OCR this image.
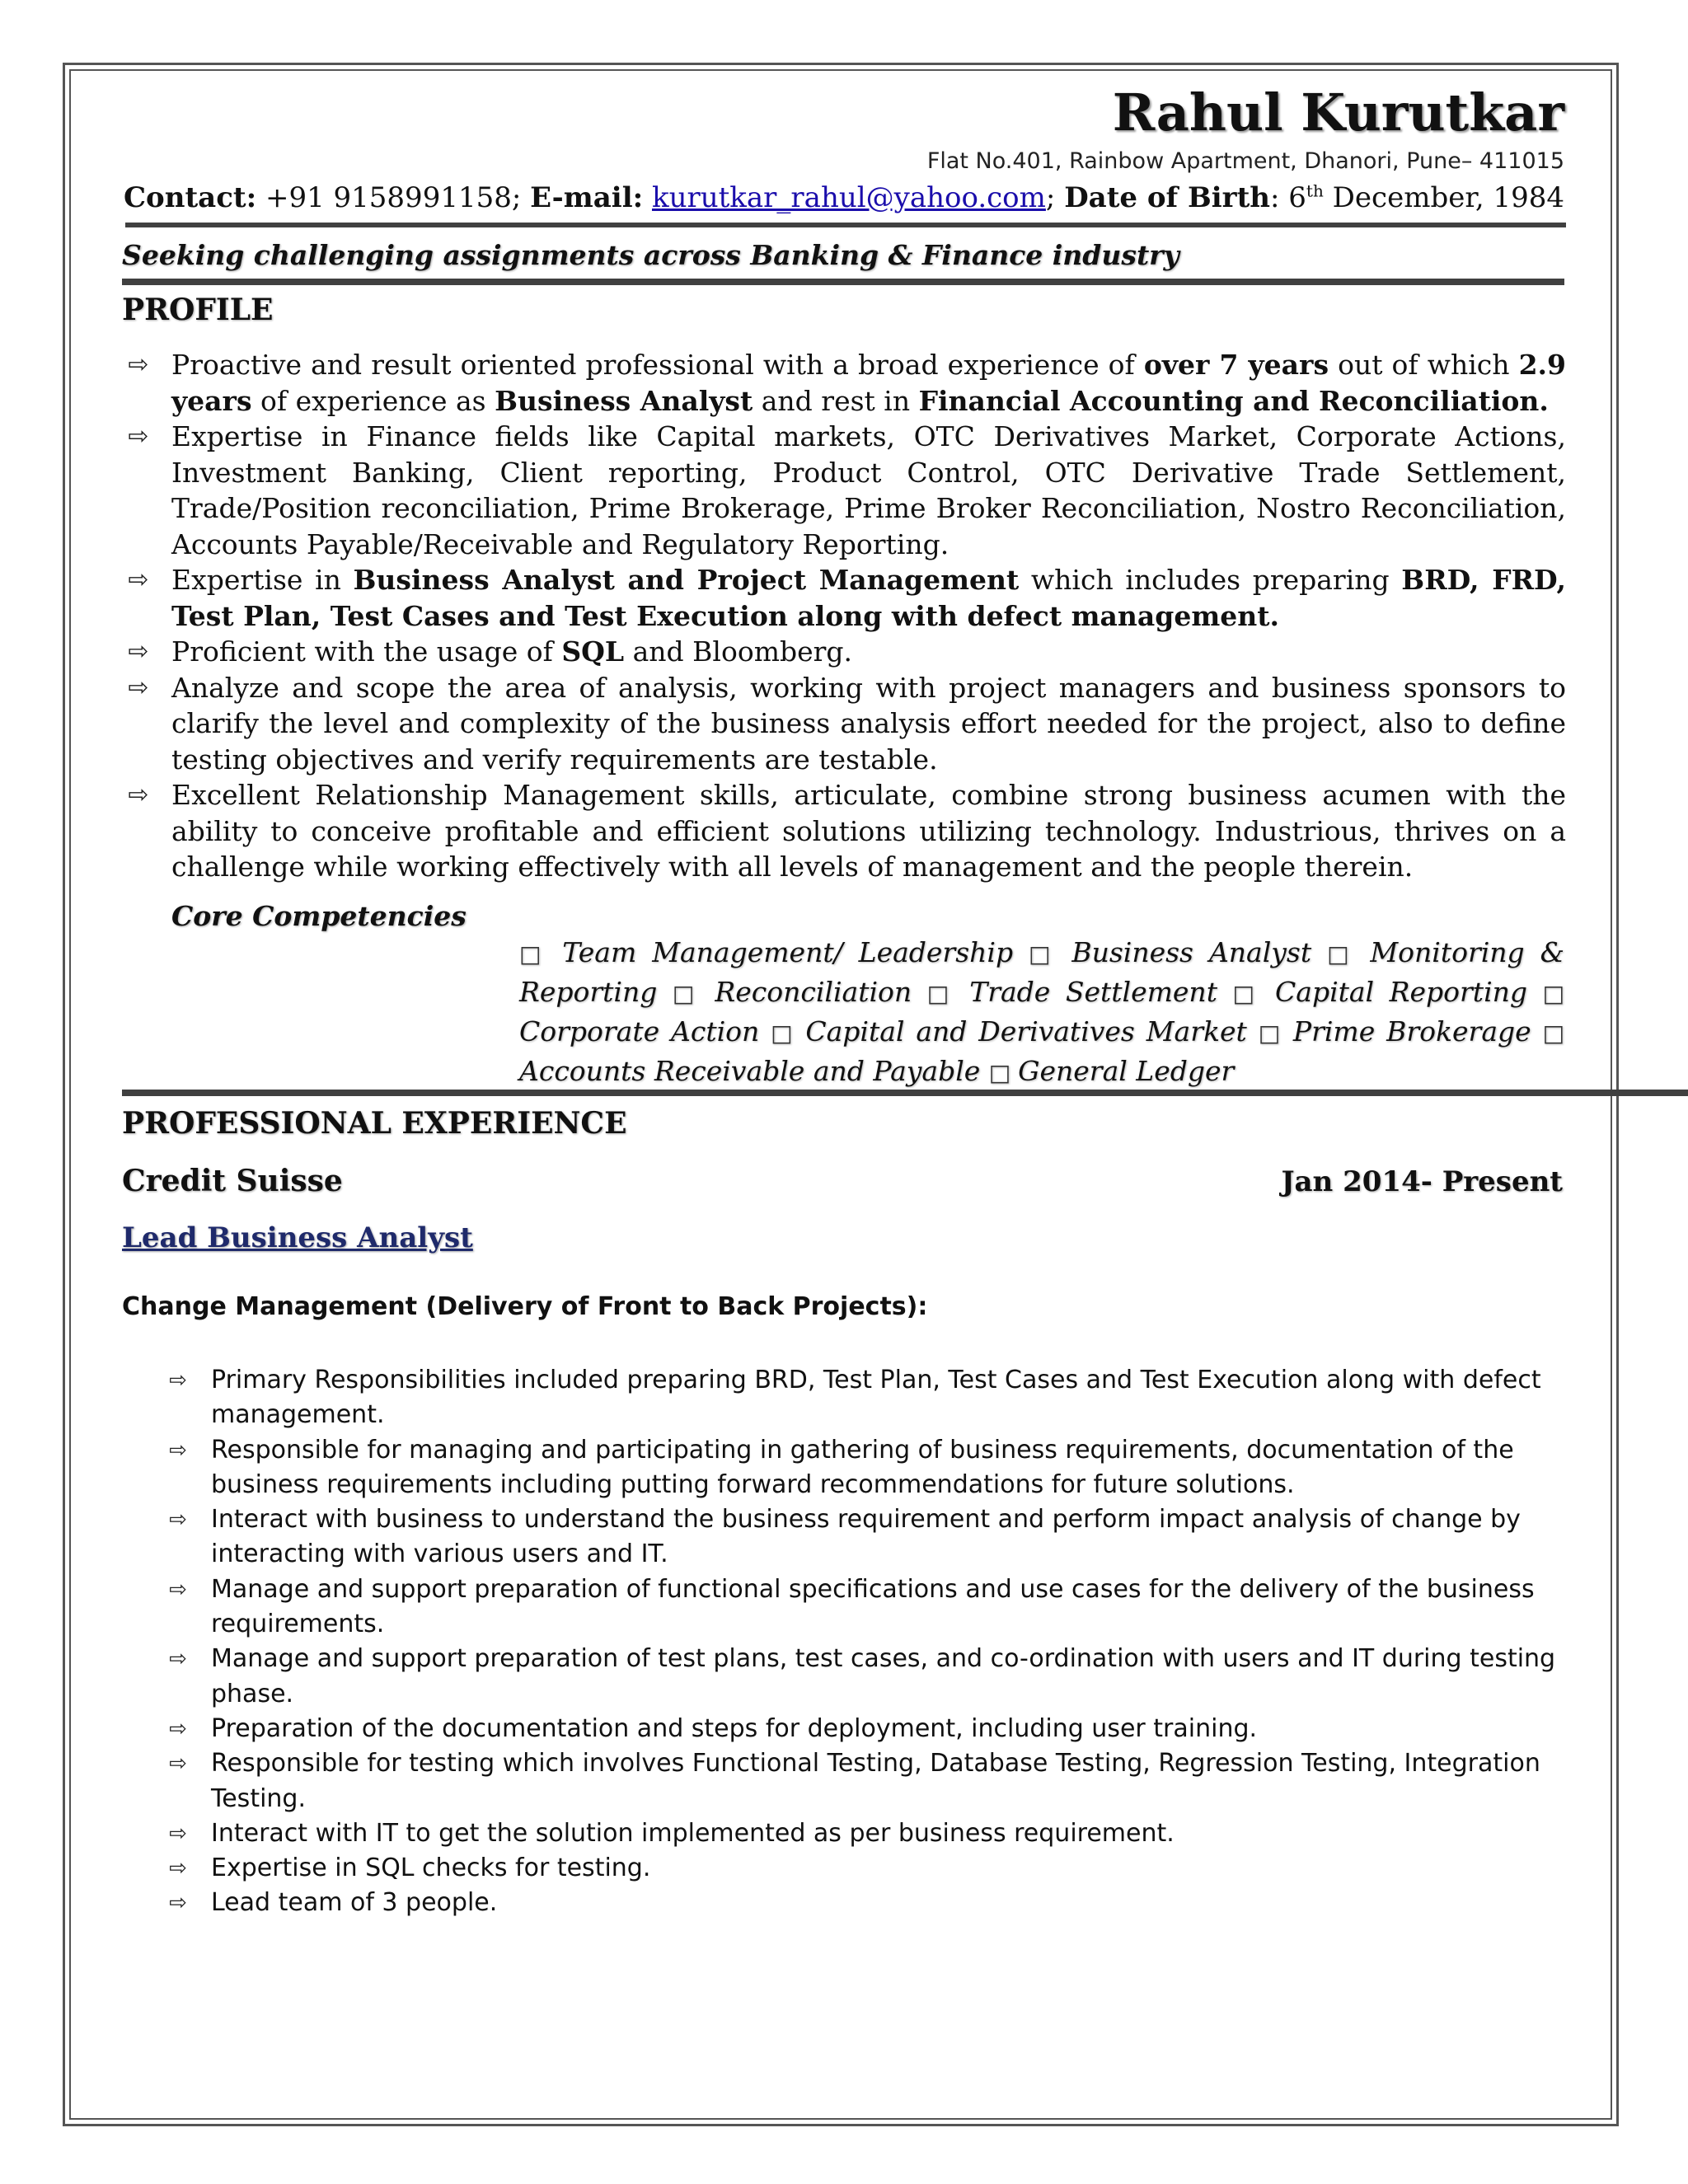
Rahul Kurutkar
Flat No.401, Rainbow Apartment, Dhanori, Pune– 411015
Contact: +91 9158991158; E-mail: kurutkar_rahul@yahoo.com; Date of Birth: 6th December, 1984
Seeking challenging assignments across Banking & Finance industry
PROFILE
⇨ Proactive and result oriented professional with a broad experience of over 7 years out of which 2.9 years of experience as Business Analyst and rest in Financial Accounting and Reconciliation.
⇨ Expertise in Finance fields like Capital markets, OTC Derivatives Market, Corporate Actions, Investment Banking, Client reporting, Product Control, OTC Derivative Trade Settlement, Trade/Position reconciliation, Prime Brokerage, Prime Broker Reconciliation, Nostro Reconciliation, Accounts Payable/Receivable and Regulatory Reporting.
⇨ Expertise in Business Analyst and Project Management which includes preparing BRD, FRD, Test Plan, Test Cases and Test Execution along with defect management.
⇨ Proficient with the usage of SQL and Bloomberg.
⇨ Analyze and scope the area of analysis, working with project managers and business sponsors to clarify the level and complexity of the business analysis effort needed for the project, also to define testing objectives and verify requirements are testable.
⇨ Excellent Relationship Management skills, articulate, combine strong business acumen with the ability to conceive profitable and efficient solutions utilizing technology. Industrious, thrives on a challenge while working effectively with all levels of management and the people therein.
Core Competencies
□ Team Management/ Leadership □ Business Analyst □ Monitoring & Reporting □ Reconciliation □ Trade Settlement □ Capital Reporting □ Corporate Action □ Capital and Derivatives Market □ Prime Brokerage □ Accounts Receivable and Payable □ General Ledger
PROFESSIONAL EXPERIENCE
Credit Suisse	Jan 2014- Present
Lead Business Analyst
Change Management (Delivery of Front to Back Projects):
⇨ Primary Responsibilities included preparing BRD, Test Plan, Test Cases and Test Execution along with defect management.
⇨ Responsible for managing and participating in gathering of business requirements, documentation of the business requirements including putting forward recommendations for future solutions.
⇨ Interact with business to understand the business requirement and perform impact analysis of change by interacting with various users and IT.
⇨ Manage and support preparation of functional specifications and use cases for the delivery of the business requirements.
⇨ Manage and support preparation of test plans, test cases, and co-ordination with users and IT during testing phase.
⇨ Preparation of the documentation and steps for deployment, including user training.
⇨ Responsible for testing which involves Functional Testing, Database Testing, Regression Testing, Integration Testing.
⇨ Interact with IT to get the solution implemented as per business requirement.
⇨ Expertise in SQL checks for testing.
⇨ Lead team of 3 people.
